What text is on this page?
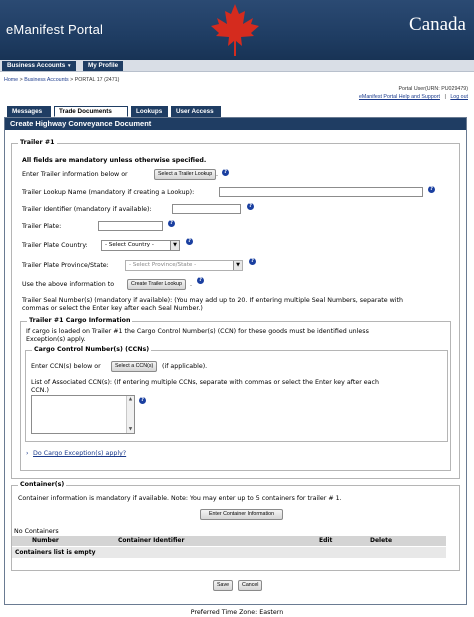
eManifest Portal	Canada
Business Accounts ▼	My Profile
Home > Business Accounts > PORTAL 17 (2471)
Portal User(URN: PU029479)
eManifest Portal Help and Support | Log out
Messages	Trade Documents	Lookups	User Access
Create Highway Conveyance Document
Trailer #1
All fields are mandatory unless otherwise specified.
Enter Trailer information below or	Select a Trailer Lookup .	?
Trailer Lookup Name (mandatory if creating a Lookup):	?
Trailer Identifier (mandatory if available):	?
Trailer Plate:	?
Trailer Plate Country:	- Select Country -	▼
?
Trailer Plate Province/State:	- Select Province/State -	▼
?
Use the above information to	Create Trailer Lookup	.
?
Trailer Seal Number(s) (mandatory if available): (You may add up to 20. If entering multiple Seal Numbers, separate with
commas or select the Enter key after each Seal Number.)
Trailer #1 Cargo Information
If cargo is loaded on Trailer #1 the Cargo Control Number(s) (CCN) for these goods must be identified unless
Exception(s) apply.
Cargo Control Number(s) (CCNs)
Enter CCN(s) below or	Select a CCN(s)	(if applicable).
List of Associated CCN(s): (If entering multiple CCNs, separate with commas or select the Enter key after each
CCN.)
▲
▼
?
› Do Cargo Exception(s) apply?
Container(s)
Container information is mandatory if available. Note: You may enter up to 5 containers for trailer # 1.
Enter Container Information
No Containers
Number	Container Identifier	Edit	Delete
Containers list is empty
Save	Cancel
Preferred Time Zone: Eastern
